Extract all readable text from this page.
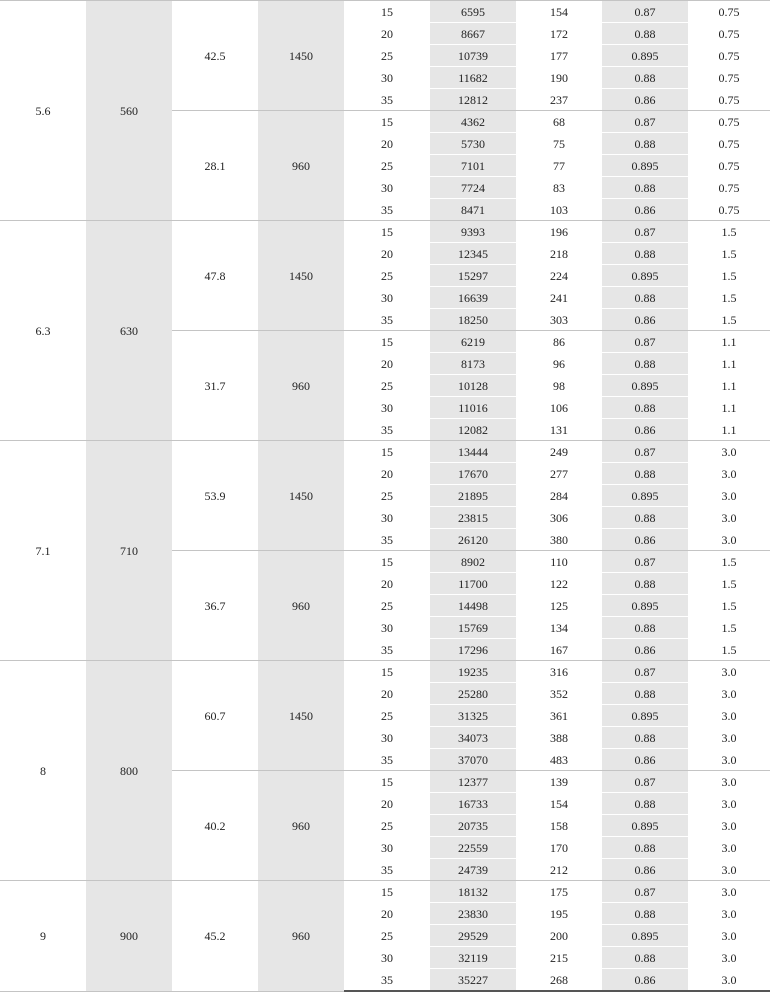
5.6	560	42.5	1450	15	6595	154	0.87	0.75
				20	8667	172	0.88	0.75
				25	10739	177	0.895	0.75
				30	11682	190	0.88	0.75
				35	12812	237	0.86	0.75
		28.1	960	15	4362	68	0.87	0.75
				20	5730	75	0.88	0.75
				25	7101	77	0.895	0.75
				30	7724	83	0.88	0.75
				35	8471	103	0.86	0.75
6.3	630	47.8	1450	15	9393	196	0.87	1.5
				20	12345	218	0.88	1.5
				25	15297	224	0.895	1.5
				30	16639	241	0.88	1.5
				35	18250	303	0.86	1.5
		31.7	960	15	6219	86	0.87	1.1
				20	8173	96	0.88	1.1
				25	10128	98	0.895	1.1
				30	11016	106	0.88	1.1
				35	12082	131	0.86	1.1
7.1	710	53.9	1450	15	13444	249	0.87	3.0
				20	17670	277	0.88	3.0
				25	21895	284	0.895	3.0
				30	23815	306	0.88	3.0
				35	26120	380	0.86	3.0
		36.7	960	15	8902	110	0.87	1.5
				20	11700	122	0.88	1.5
				25	14498	125	0.895	1.5
				30	15769	134	0.88	1.5
				35	17296	167	0.86	1.5
8	800	60.7	1450	15	19235	316	0.87	3.0
				20	25280	352	0.88	3.0
				25	31325	361	0.895	3.0
				30	34073	388	0.88	3.0
				35	37070	483	0.86	3.0
		40.2	960	15	12377	139	0.87	3.0
				20	16733	154	0.88	3.0
				25	20735	158	0.895	3.0
				30	22559	170	0.88	3.0
				35	24739	212	0.86	3.0
9	900	45.2	960	15	18132	175	0.87	3.0
				20	23830	195	0.88	3.0
				25	29529	200	0.895	3.0
				30	32119	215	0.88	3.0
				35	35227	268	0.86	3.0
